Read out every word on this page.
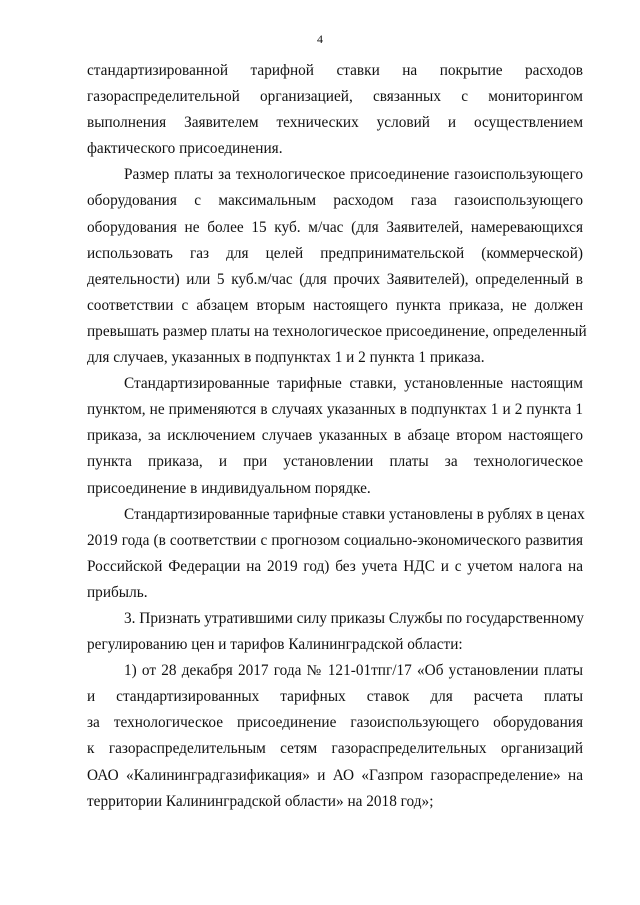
4
стандартизированной тарифной ставки на покрытие расходов
газораспределительной организацией, связанных с мониторингом
выполнения Заявителем технических условий и осуществлением
фактического присоединения.
Размер платы за технологическое присоединение газоиспользующего
оборудования с максимальным расходом газа газоиспользующего
оборудования не более 15 куб. м/час (для Заявителей, намеревающихся
использовать газ для целей предпринимательской (коммерческой)
деятельности) или 5 куб.м/час (для прочих Заявителей), определенный в
соответствии с абзацем вторым настоящего пункта приказа, не должен
превышать размер платы на технологическое присоединение, определенный
для случаев, указанных в подпунктах 1 и 2 пункта 1 приказа.
Стандартизированные тарифные ставки, установленные настоящим
пунктом, не применяются в случаях указанных в подпунктах 1 и 2 пункта 1
приказа, за исключением случаев указанных в абзаце втором настоящего
пункта приказа, и при установлении платы за технологическое
присоединение в индивидуальном порядке.
Стандартизированные тарифные ставки установлены в рублях в ценах
2019 года (в соответствии с прогнозом социально-экономического развития
Российской Федерации на 2019 год) без учета НДС и с учетом налога на
прибыль.
3. Признать утратившими силу приказы Службы по государственному
регулированию цен и тарифов Калининградской области:
1) от 28 декабря 2017 года № 121-01тпг/17 «Об установлении платы
и стандартизированных тарифных ставок для расчета платы
за технологическое присоединение газоиспользующего оборудования
к газораспределительным сетям газораспределительных организаций
ОАО «Калининградгазификация» и АО «Газпром газораспределение» на
территории Калининградской области» на 2018 год»;
